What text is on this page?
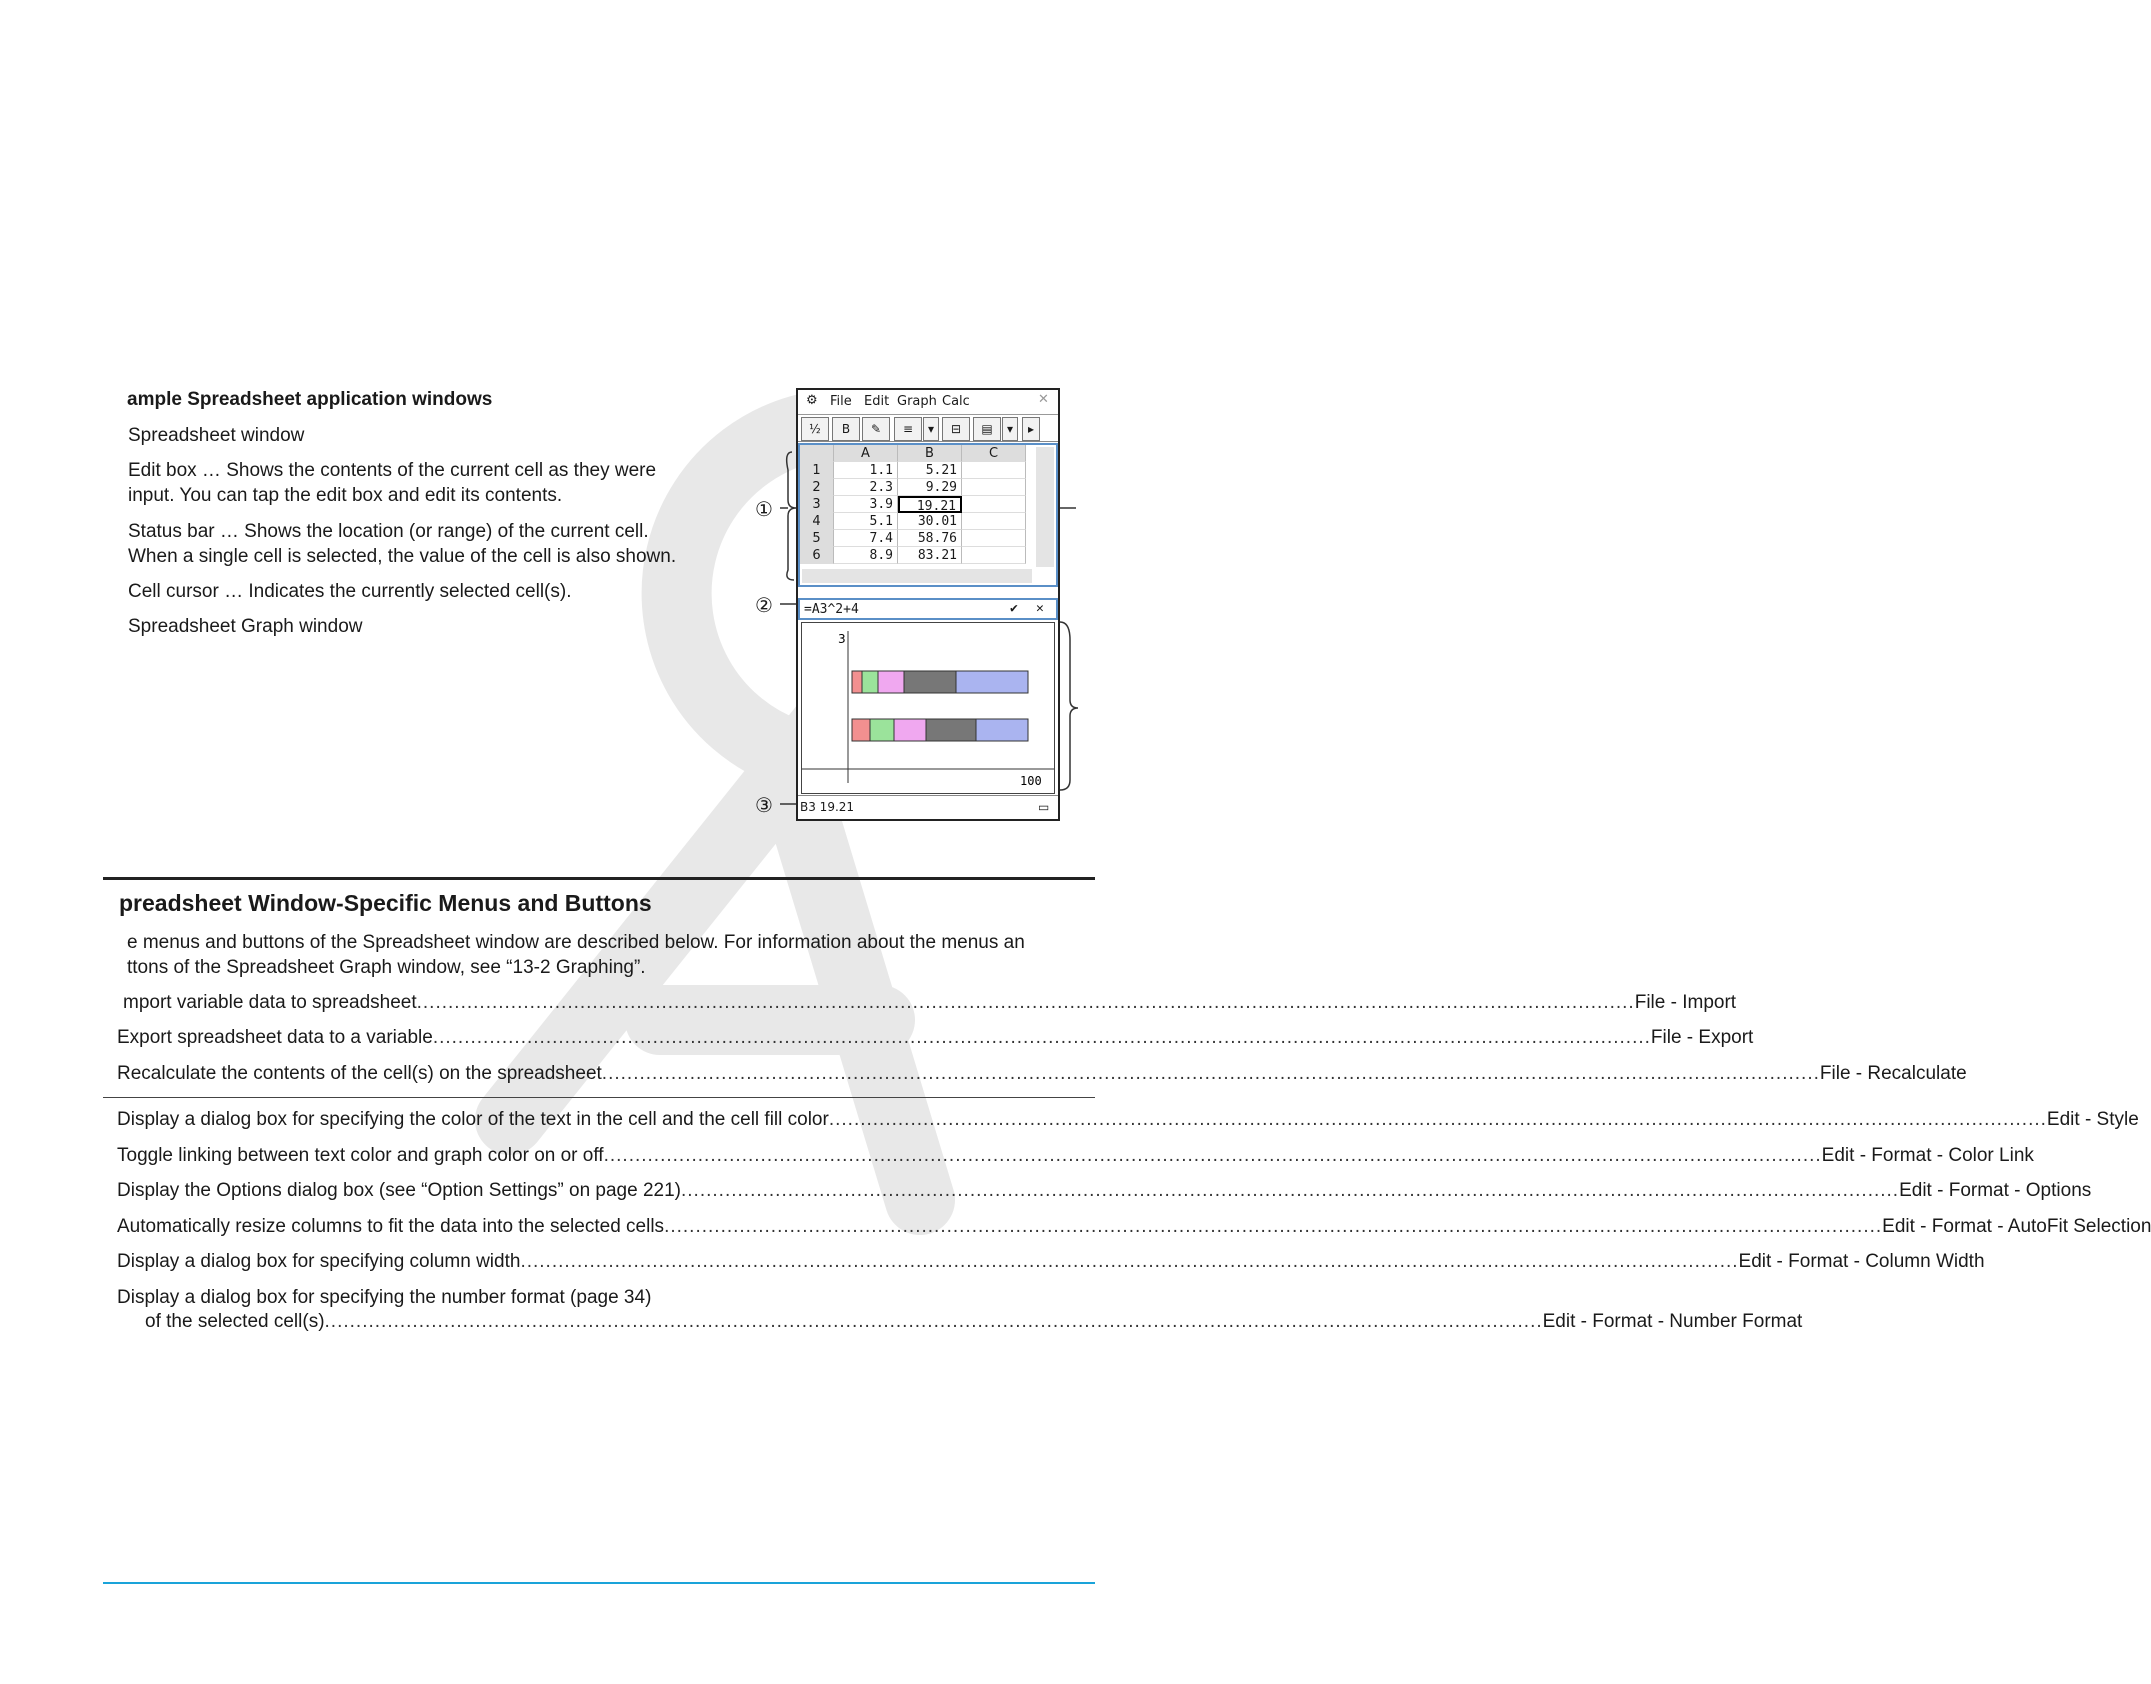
ample Spreadsheet application windows
Spreadsheet window
Edit box … Shows the contents of the current cell as they were
input. You can tap the edit box and edit its contents.
Status bar … Shows the location (or range) of the current cell.
When a single cell is selected, the value of the cell is also shown.
Cell cursor … Indicates the currently selected cell(s).
Spreadsheet Graph window
①
②
③
⚙ File Edit Graph Calc	✕
½	B	✎	≡	▾	⊟	▤	▾	▸
A	B	C
1	1.1	5.21
2	2.3	9.29
3	3.9	19.21
4	5.1	30.01
5	7.4	58.76
6	8.9	83.21
=A3^2+4	✔ ✕
3
100
B3 19.21	▭
preadsheet Window-Specific Menus and Buttons
e menus and buttons of the Spreadsheet window are described below. For information about the menus an
ttons of the Spreadsheet Graph window, see “13-2 Graphing”.
mport variable data to spreadsheet .................................................................................................................................................................................................. File - Import
Export spreadsheet data to a variable .................................................................................................................................................................................................. File - Export
Recalculate the contents of the cell(s) on the spreadsheet .................................................................................................................................................................................................. File - Recalculate
Display a dialog box for specifying the color of the text in the cell and the cell fill color .................................................................................................................................................................................................. Edit - Style
Toggle linking between text color and graph color on or off .................................................................................................................................................................................................. Edit - Format - Color Link
Display the Options dialog box (see “Option Settings” on page 221) .................................................................................................................................................................................................. Edit - Format - Options
Automatically resize columns to fit the data into the selected cells .................................................................................................................................................................................................. Edit - Format - AutoFit Selection
Display a dialog box for specifying column width .................................................................................................................................................................................................. Edit - Format - Column Width
Display a dialog box for specifying the number format (page 34)
of the selected cell(s) .................................................................................................................................................................................................. Edit - Format - Number Format
